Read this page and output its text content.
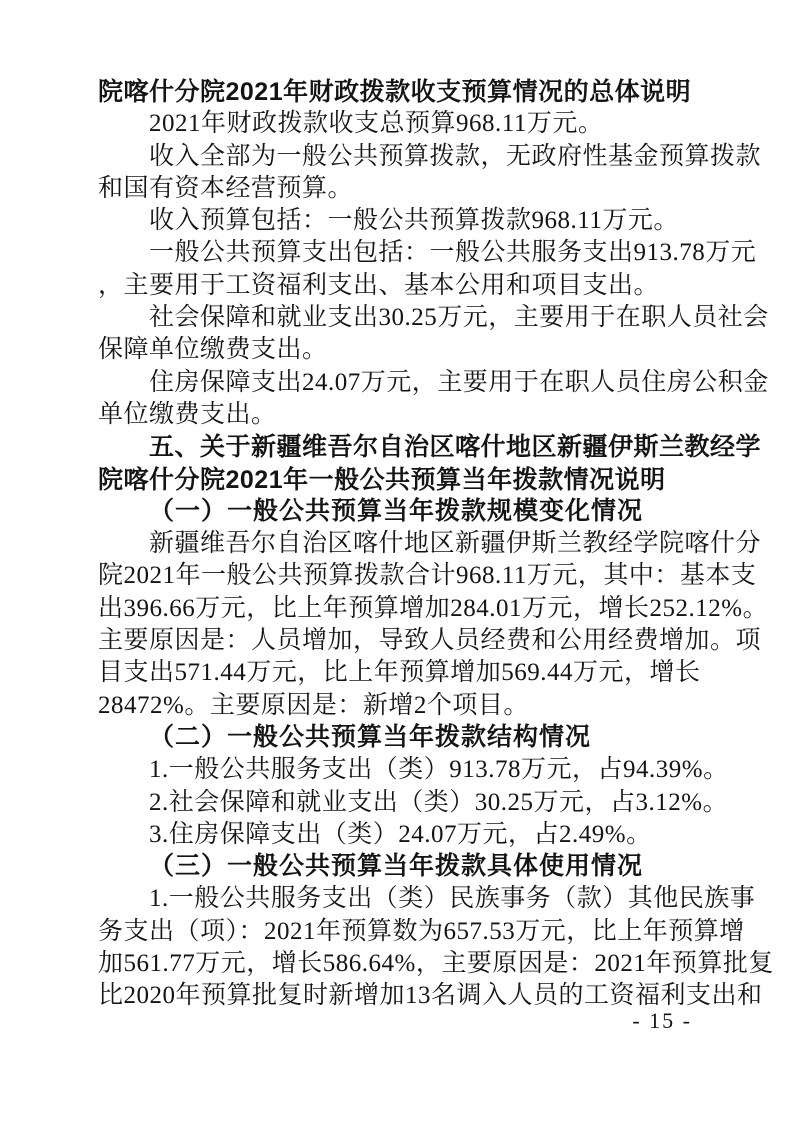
院喀什分院2021年财政拨款收支预算情况的总体说明
2021年财政拨款收支总预算968.11万元。
收入全部为一般公共预算拨款，无政府性基金预算拨款
和国有资本经营预算。
收入预算包括：一般公共预算拨款968.11万元。
一般公共预算支出包括：一般公共服务支出913.78万元
，主要用于工资福利支出、基本公用和项目支出。
社会保障和就业支出30.25万元，主要用于在职人员社会
保障单位缴费支出。
住房保障支出24.07万元，主要用于在职人员住房公积金
单位缴费支出。
五、关于新疆维吾尔自治区喀什地区新疆伊斯兰教经学
院喀什分院2021年一般公共预算当年拨款情况说明
（一）一般公共预算当年拨款规模变化情况
新疆维吾尔自治区喀什地区新疆伊斯兰教经学院喀什分
院2021年一般公共预算拨款合计968.11万元，其中：基本支
出396.66万元，比上年预算增加284.01万元，增长252.12%。
主要原因是：人员增加，导致人员经费和公用经费增加。项
目支出571.44万元，比上年预算增加569.44万元，增长
28472%。主要原因是：新增2个项目。
（二）一般公共预算当年拨款结构情况
1.一般公共服务支出（类）913.78万元，占94.39%。
2.社会保障和就业支出（类）30.25万元，占3.12%。
3.住房保障支出（类）24.07万元，占2.49%。
（三）一般公共预算当年拨款具体使用情况
1.一般公共服务支出（类）民族事务（款）其他民族事
务支出（项）：2021年预算数为657.53万元，比上年预算增
加561.77万元，增长586.64%，主要原因是：2021年预算批复
比2020年预算批复时新增加13名调入人员的工资福利支出和
- 15 -
